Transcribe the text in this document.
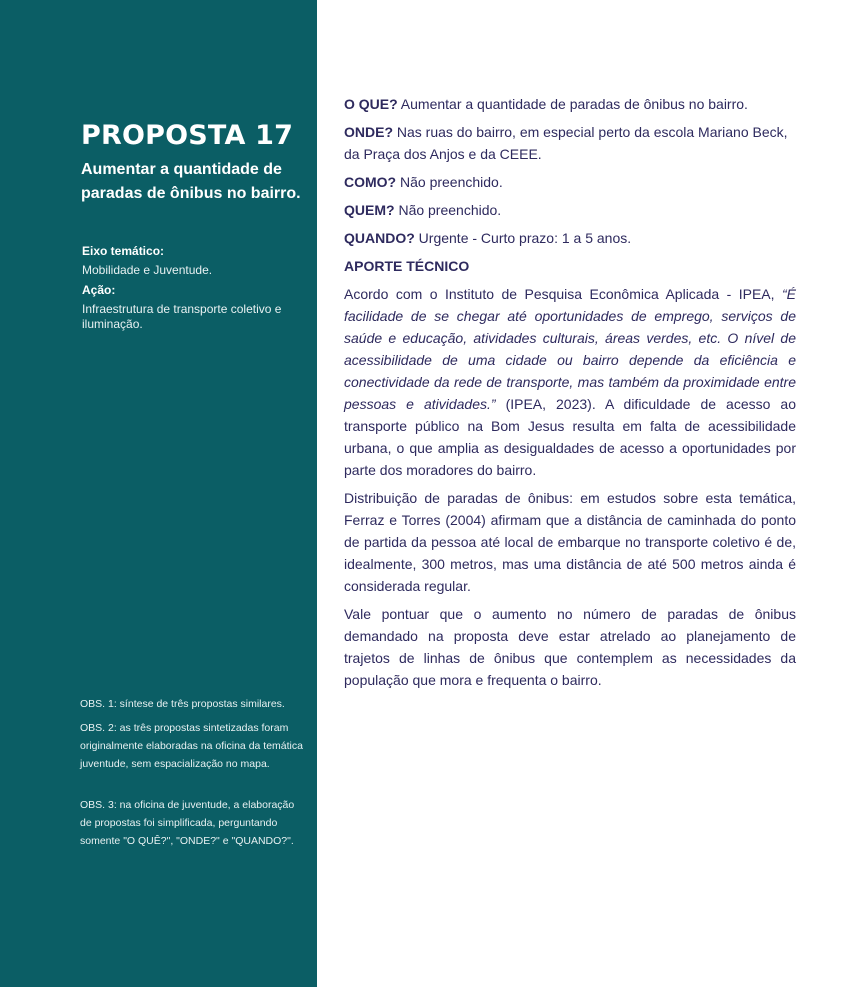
PROPOSTA 17
Aumentar a quantidade de paradas de ônibus no bairro.

Eixo temático:

Mobilidade e Juventude.

Ação:

Infraestrutura de transporte coletivo e iluminação.

OBS. 1: síntese de três propostas similares.

OBS. 2: as três propostas sintetizadas foram originalmente elaboradas na oficina da temática juventude, sem espacialização no mapa.

OBS. 3: na oficina de juventude, a elaboração de propostas foi simplificada, perguntando somente "O QUÊ?", "ONDE?" e "QUANDO?".

O QUE? Aumentar a quantidade de paradas de ônibus no bairro.

ONDE? Nas ruas do bairro, em especial perto da escola Mariano Beck, da Praça dos Anjos e da CEEE.

COMO? Não preenchido.

QUEM? Não preenchido.

QUANDO? Urgente - Curto prazo: 1 a 5 anos.

APORTE TÉCNICO

Acordo com o Instituto de Pesquisa Econômica Aplicada - IPEA, “É facilidade de se chegar até oportunidades de emprego, serviços de saúde e educação, atividades culturais, áreas verdes, etc. O nível de acessibilidade de uma cidade ou bairro depende da eficiência e conectividade da rede de transporte, mas também da proximidade entre pessoas e atividades.” (IPEA, 2023). A dificuldade de acesso ao transporte público na Bom Jesus resulta em falta de acessibilidade urbana, o que amplia as desigualdades de acesso a oportunidades por parte dos moradores do bairro.

Distribuição de paradas de ônibus: em estudos sobre esta temática, Ferraz e Torres (2004) afirmam que a distância de caminhada do ponto de partida da pessoa até local de embarque no transporte coletivo é de, idealmente, 300 metros, mas uma distância de até 500 metros ainda é considerada regular.

Vale pontuar que o aumento no número de paradas de ônibus demandado na proposta deve estar atrelado ao planejamento de trajetos de linhas de ônibus que contemplem as necessidades da população que mora e frequenta o bairro.
